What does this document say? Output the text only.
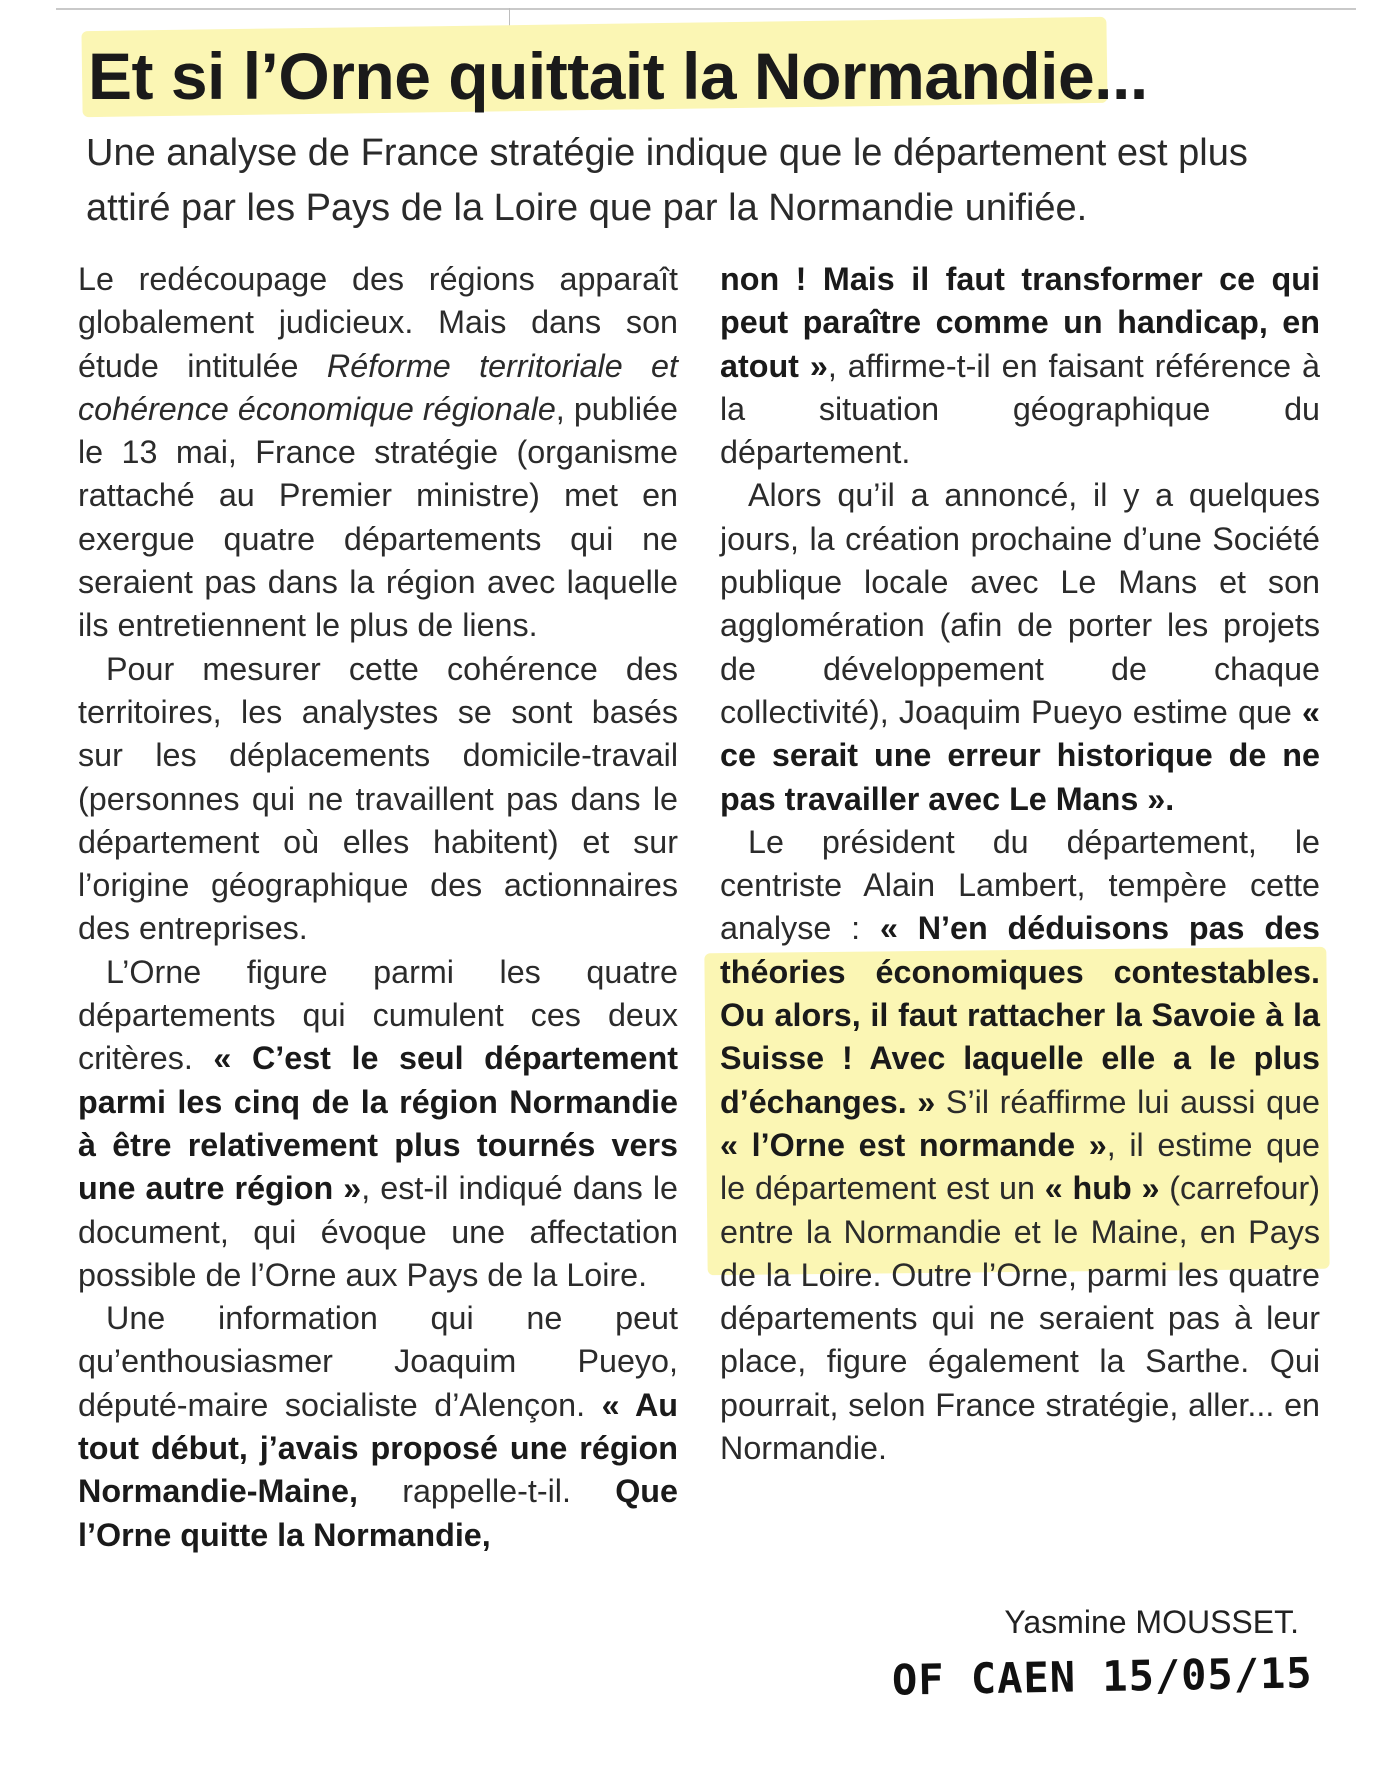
Et si l’Orne quittait la Normandie...
Une analyse de France stratégie indique que le département est plus attiré par les Pays de la Loire que par la Normandie unifiée.

Le redécoupage des régions apparaît globalement judicieux. Mais dans son étude intitulée Réforme territoriale et cohérence économique régionale, publiée le 13 mai, France stratégie (organisme rattaché au Premier ministre) met en exergue quatre départements qui ne seraient pas dans la région avec laquelle ils entretiennent le plus de liens.

Pour mesurer cette cohérence des territoires, les analystes se sont basés sur les déplacements domicile-travail (personnes qui ne travaillent pas dans le département où elles habitent) et sur l’origine géographique des actionnaires des entreprises.

L’Orne figure parmi les quatre départements qui cumulent ces deux critères. « C’est le seul département parmi les cinq de la région Normandie à être relativement plus tournés vers une autre région », est-il indiqué dans le document, qui évoque une affectation possible de l’Orne aux Pays de la Loire.

Une information qui ne peut qu’enthousiasmer Joaquim Pueyo, député-maire socialiste d’Alençon. « Au tout début, j’avais proposé une région Normandie-Maine, rappelle-t-il. Que l’Orne quitte la Normandie,

non ! Mais il faut transformer ce qui peut paraître comme un handicap, en atout », affirme-t-il en faisant référence à la situation géographique du département.

Alors qu’il a annoncé, il y a quelques jours, la création prochaine d’une Société publique locale avec Le Mans et son agglomération (afin de porter les projets de développement de chaque collectivité), Joaquim Pueyo estime que « ce serait une erreur historique de ne pas travailler avec Le Mans ».

Le président du département, le centriste Alain Lambert, tempère cette analyse : « N’en déduisons pas des théories économiques contestables. Ou alors, il faut rattacher la Savoie à la Suisse ! Avec laquelle elle a le plus d’échanges. » S’il réaffirme lui aussi que « l’Orne est normande », il estime que le département est un « hub » (carrefour) entre la Normandie et le Maine, en Pays de la Loire. Outre l’Orne, parmi les quatre départements qui ne seraient pas à leur place, figure également la Sarthe. Qui pourrait, selon France stratégie, aller... en Normandie.

Yasmine MOUSSET.

OF CAEN 15/05/15
